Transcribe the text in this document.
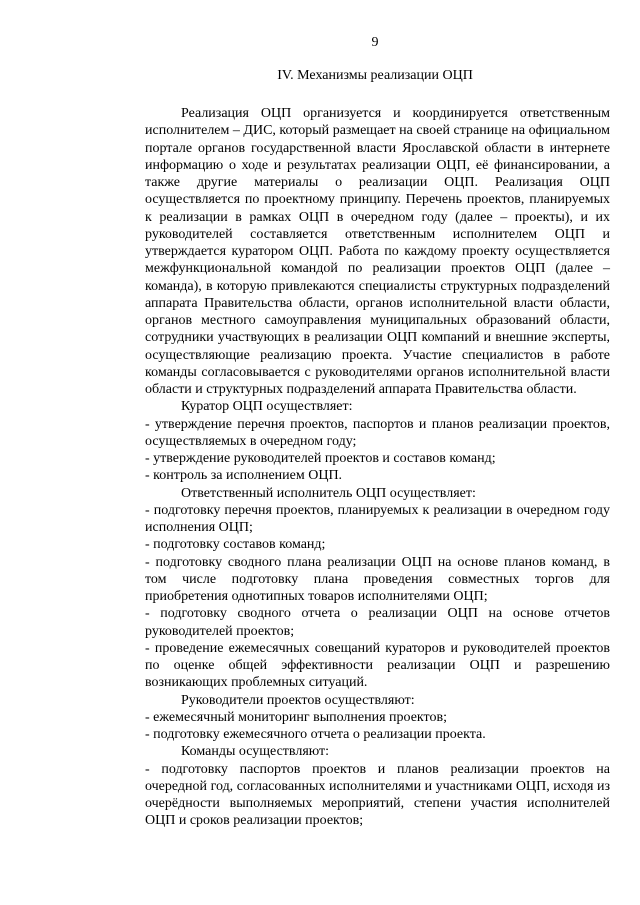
9
IV. Механизмы реализации ОЦП

Реализация ОЦП организуется и координируется ответственным исполнителем – ДИС, который размещает на своей странице на официальном портале органов государственной власти Ярославской области в интернете информацию о ходе и результатах реализации ОЦП, её финансировании, а также другие материалы о реализации ОЦП. Реализация ОЦП осуществляется по проектному принципу. Перечень проектов, планируемых к реализации в рамках ОЦП в очередном году (далее – проекты), и их руководителей составляется ответственным исполнителем ОЦП и утверждается куратором ОЦП. Работа по каждому проекту осуществляется межфункциональной командой по реализации проектов ОЦП (далее – команда), в которую привлекаются специалисты структурных подразделений аппарата Правительства области, органов исполнительной власти области, органов местного самоуправления муниципальных образований области, сотрудники участвующих в реализации ОЦП компаний и внешние эксперты, осуществляющие реализацию проекта. Участие специалистов в работе команды согласовывается с руководителями органов исполнительной власти области и структурных подразделений аппарата Правительства области.

Куратор ОЦП осуществляет:

- утверждение перечня проектов, паспортов и планов реализации проектов, осуществляемых в очередном году;

- утверждение руководителей проектов и составов команд;

- контроль за исполнением ОЦП.

Ответственный исполнитель ОЦП осуществляет:

- подготовку перечня проектов, планируемых к реализации в очередном году исполнения ОЦП;

- подготовку составов команд;

- подготовку сводного плана реализации ОЦП на основе планов команд, в том числе подготовку плана проведения совместных торгов для приобретения однотипных товаров исполнителями ОЦП;

- подготовку сводного отчета о реализации ОЦП на основе отчетов руководителей проектов;

- проведение ежемесячных совещаний кураторов и руководителей проектов по оценке общей эффективности реализации ОЦП и разрешению возникающих проблемных ситуаций.

Руководители проектов осуществляют:

- ежемесячный мониторинг выполнения проектов;

- подготовку ежемесячного отчета о реализации проекта.

Команды осуществляют:

- подготовку паспортов проектов и планов реализации проектов на очередной год, согласованных исполнителями и участниками ОЦП, исходя из очерёдности выполняемых мероприятий, степени участия исполнителей ОЦП и сроков реализации проектов;
